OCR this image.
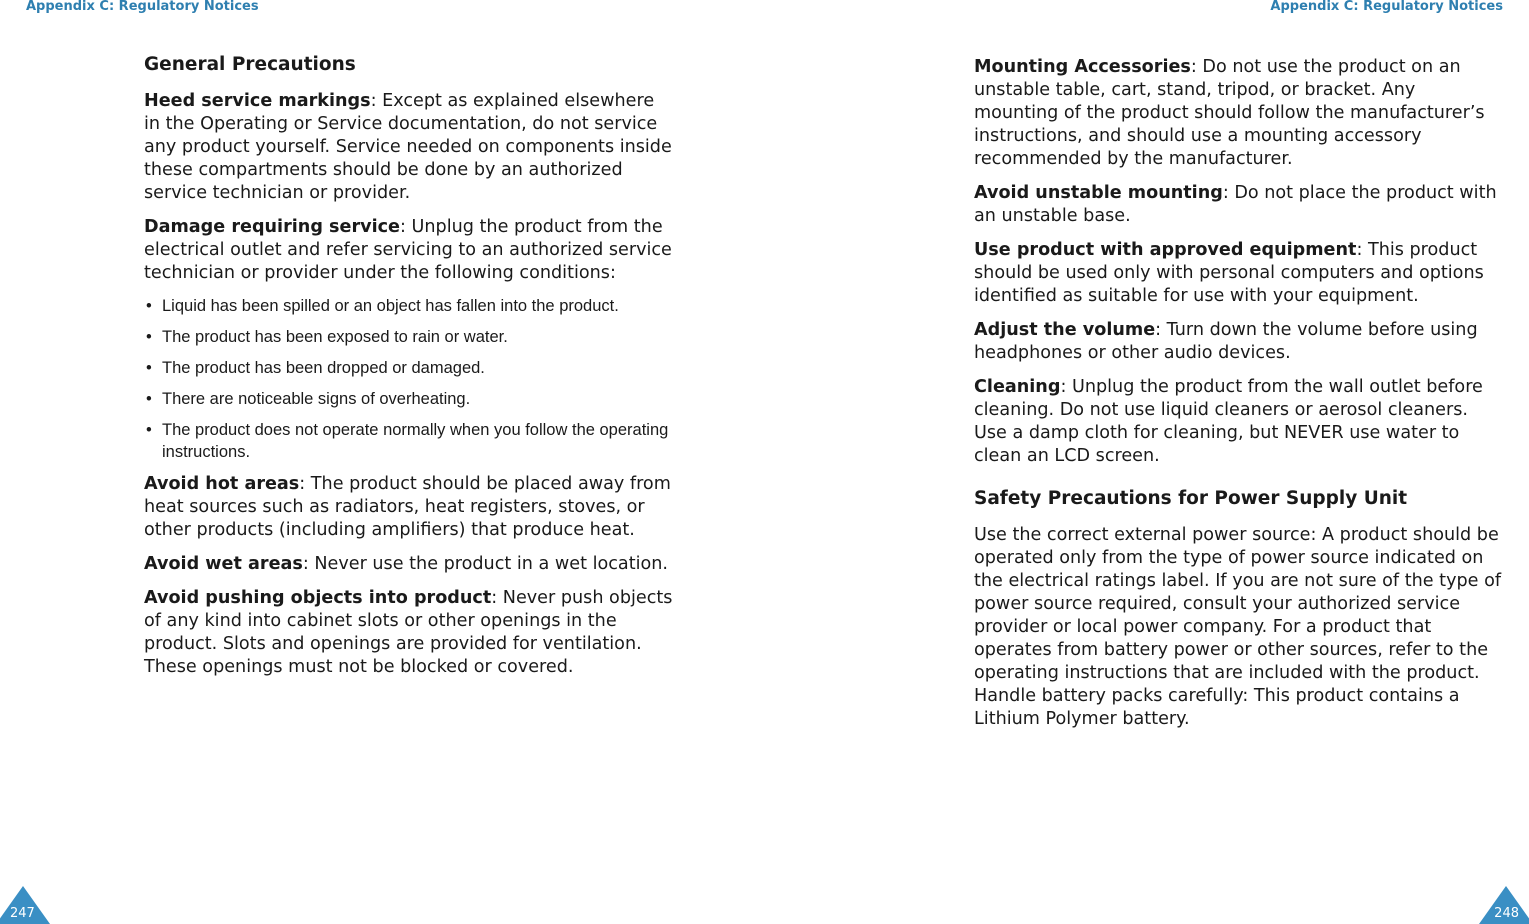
Appendix C: Regulatory Notices	Appendix C: Regulatory Notices
General Precautions

Heed service markings: Except as explained elsewhere in the Operating or Service documentation, do not service any product yourself. Service needed on components inside these compartments should be done by an authorized service technician or provider.

Damage requiring service: Unplug the product from the electrical outlet and refer servicing to an authorized service technician or provider under the following conditions:

• Liquid has been spilled or an object has fallen into the product.
• The product has been exposed to rain or water.
• The product has been dropped or damaged.
• There are noticeable signs of overheating.
• The product does not operate normally when you follow the operating instructions.

Avoid hot areas: The product should be placed away from heat sources such as radiators, heat registers, stoves, or other products (including amplifiers) that produce heat.

Avoid wet areas: Never use the product in a wet location.

Avoid pushing objects into product: Never push objects of any kind into cabinet slots or other openings in the product. Slots and openings are provided for ventilation. These openings must not be blocked or covered.

Mounting Accessories: Do not use the product on an unstable table, cart, stand, tripod, or bracket. Any mounting of the product should follow the manufacturer’s instructions, and should use a mounting accessory recommended by the manufacturer.

Avoid unstable mounting: Do not place the product with an unstable base.

Use product with approved equipment: This product should be used only with personal computers and options identified as suitable for use with your equipment.

Adjust the volume: Turn down the volume before using headphones or other audio devices.

Cleaning: Unplug the product from the wall outlet before cleaning. Do not use liquid cleaners or aerosol cleaners. Use a damp cloth for cleaning, but NEVER use water to clean an LCD screen.

Safety Precautions for Power Supply Unit

Use the correct external power source: A product should be operated only from the type of power source indicated on the electrical ratings label. If you are not sure of the type of power source required, consult your authorized service provider or local power company. For a product that operates from battery power or other sources, refer to the operating instructions that are included with the product. Handle battery packs carefully: This product contains a Lithium Polymer battery.

247	248
